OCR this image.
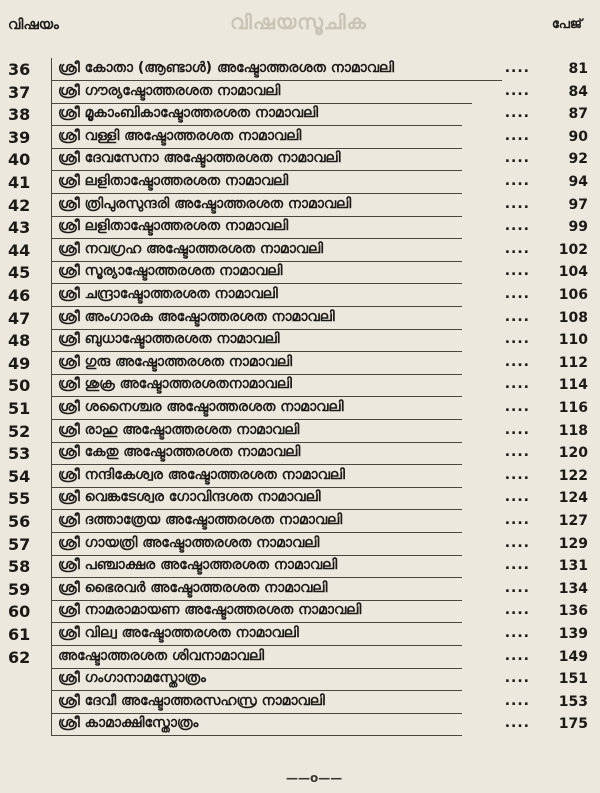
വിഷയം	വിഷയസൂചിക	പേജ്
36	ശ്രീ കോതാ (ആണ്ടാൾ) അഷ്ടോത്തരശത നാമാവലി	....	81
37	ശ്രീ ഗൗര്യഷ്ടോത്തരശത നാമാവലി	....	84
38	ശ്രീ മൂകാംബികാഷ്ടോത്തരശത നാമാവലി	....	87
39	ശ്രീ വള്ളി അഷ്ടോത്തരശത നാമാവലി	....	90
40	ശ്രീ ദേവസേനാ അഷ്ടോത്തരശത നാമാവലി	....	92
41	ശ്രീ ലളിതാഷ്ടോത്തരശത നാമാവലി	....	94
42	ശ്രീ ത്രിപുരസുന്ദരി അഷ്ടോത്തരശത നാമാവലി	....	97
43	ശ്രീ ലളിതാഷ്ടോത്തരശത നാമാവലി	....	99
44	ശ്രീ നവഗ്രഹ അഷ്ടോത്തരശത നാമാവലി	....	102
45	ശ്രീ സൂര്യാഷ്ടോത്തരശത നാമാവലി	....	104
46	ശ്രീ ചന്ദ്രാഷ്ടോത്തരശത നാമാവലി	....	106
47	ശ്രീ അംഗാരക അഷ്ടോത്തരശത നാമാവലി	....	108
48	ശ്രീ ബുധാഷ്ടോത്തരശത നാമാവലി	....	110
49	ശ്രീ ഗുരു അഷ്ടോത്തരശത നാമാവലി	....	112
50	ശ്രീ ശുക്ര അഷ്ടോത്തരശതനാമാവലി	....	114
51	ശ്രീ ശനൈശ്ചര അഷ്ടോത്തരശത നാമാവലി	....	116
52	ശ്രീ രാഹു അഷ്ടോത്തരശത നാമാവലി	....	118
53	ശ്രീ കേതു അഷ്ടോത്തരശത നാമാവലി	....	120
54	ശ്രീ നന്ദികേശ്വര അഷ്ടോത്തരശത നാമാവലി	....	122
55	ശ്രീ വെങ്കടേശ്വര ഗോവിന്ദശത നാമാവലി	....	124
56	ശ്രീ ദത്താത്രേയ അഷ്ടോത്തരശത നാമാവലി	....	127
57	ശ്രീ ഗായത്രി അഷ്ടോത്തരശത നാമാവലി	....	129
58	ശ്രീ പഞ്ചാക്ഷര അഷ്ടോത്തരശത നാമാവലി	....	131
59	ശ്രീ ഭൈരവർ അഷ്ടോത്തരശത നാമാവലി	....	134
60	ശ്രീ നാമരാമായണ അഷ്ടോത്തരശത നാമാവലി	....	136
61	ശ്രീ വില്വ അഷ്ടോത്തരശത നാമാവലി	....	139
62	അഷ്ടോത്തരശത ശിവനാമാവലി	....	149
ശ്രീ ഗംഗാനാമസ്തോത്രം	....	151
ശ്രീ ദേവീ അഷ്ടോത്തരസഹസ്ര നാമാവലി	....	153
ശ്രീ കാമാക്ഷിസ്തോത്രം	....	175
——o——
